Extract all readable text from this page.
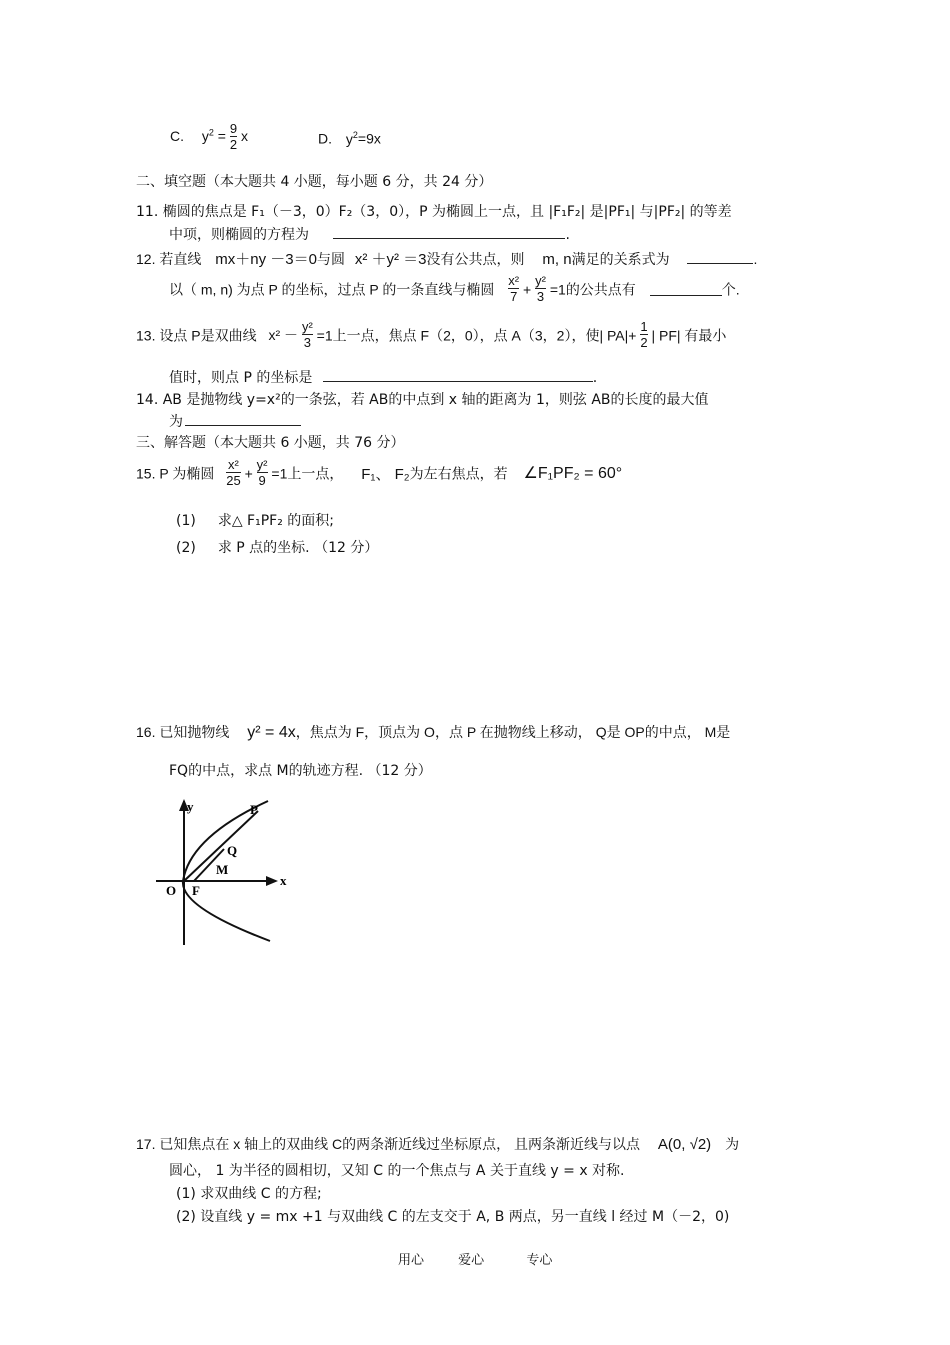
C. $y^2 = \frac{9}{2}$ x	D. $y^2=9x$
二、填空题（本大题共 4 小题，每小题 6 分，共 24 分）
11. 椭圆的焦点是 F₁（－3，0）F₂（3，0），P 为椭圆上一点，且 |F₁F₂| 是|PF₁| 与|PF₂| 的等差
中项，则椭圆的方程为	.
12. 若直线 mx＋ny －3＝0与圆 x² ＋y² ＝3没有公共点，则 m, n满足的关系式为	.
以（ m, n) 为点 P 的坐标，过点 P 的一条直线与椭圆 $\frac{\text{x²}}{7} + \frac{\text{y²}}{3} =1$的公共点有	个.
13. 设点 P是双曲线 $x^2 - \frac{\text{y²}}{3} =1$上一点，焦点 F（2，0），点 A（3，2），使| $PA|+ \frac{1}{2}$ | PF| 有最小
值时，则点 P 的坐标是	.
14. AB 是抛物线 y=x²的一条弦，若 AB的中点到 x 轴的距离为 1，则弦 AB的长度的最大值
为
三、解答题（本大题共 6 小题，共 76 分）
15. P 为椭圆 $\frac{\text{x²}}{25} + \frac{\text{y²}}{9} =1$上一点， F₁、 F₂为左右焦点，若 ∠F₁PF₂ = 60°
(1) 求△ F₁PF₂ 的面积;
(2) 求 P 点的坐标. （12 分）
16. 已知抛物线 y² = 4x，焦点为 F，顶点为 O，点 P 在抛物线上移动， Q是 OP的中点， M是
FQ的中点，求点 M的轨迹方程. （12 分）
y	P
Q
M
x
O F
17. 已知焦点在 x 轴上的双曲线 C的两条渐近线过坐标原点， 且两条渐近线与以点 A(0, √2) 为
圆心， 1 为半径的圆相切，又知 C 的一个焦点与 A 关于直线 y = x 对称.
(1) 求双曲线 C 的方程;
(2) 设直线 y = mx +1 与双曲线 C 的左支交于 A, B 两点，另一直线 l 经过 M（－2，0)
用心	爱心	专心
